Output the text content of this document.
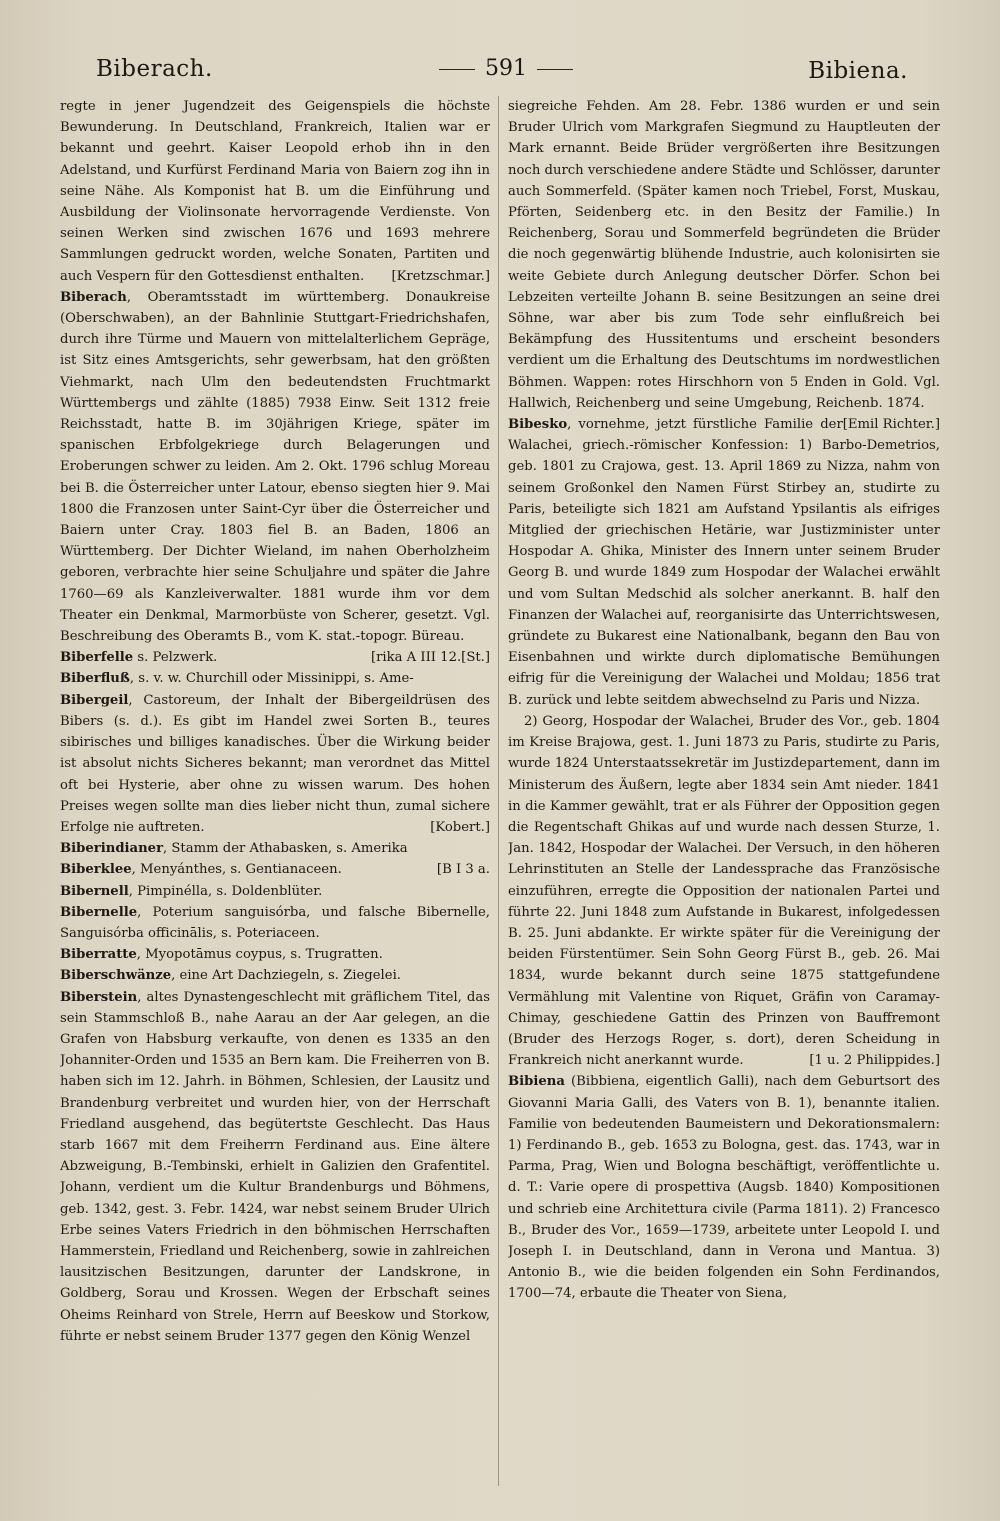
Biberach.	591	Bibiena.

regte in jener Jugendzeit des Geigenspiels die höchste Bewunderung. In Deutschland, Frankreich, Italien war er bekannt und geehrt. Kaiser Leopold erhob ihn in den Adelstand, und Kurfürst Ferdinand Maria von Baiern zog ihn in seine Nähe. Als Komponist hat B. um die Einführung und Ausbildung der Violinsonate hervorragende Verdienste. Von seinen Werken sind zwischen 1676 und 1693 mehrere Sammlungen gedruckt worden, welche Sonaten, Partiten und auch Vespern für den Gottesdienst enthalten. [Kretzschmar.]

Biberach, Oberamtsstadt im württemberg. Donaukreise (Oberschwaben), an der Bahnlinie Stuttgart-Friedrichshafen, durch ihre Türme und Mauern von mittelalterlichem Gepräge, ist Sitz eines Amtsgerichts, sehr gewerbsam, hat den größten Viehmarkt, nach Ulm den bedeutendsten Fruchtmarkt Württembergs und zählte (1885) 7938 Einw. Seit 1312 freie Reichsstadt, hatte B. im 30jährigen Kriege, später im spanischen Erbfolgekriege durch Belagerungen und Eroberungen schwer zu leiden. Am 2. Okt. 1796 schlug Moreau bei B. die Österreicher unter Latour, ebenso siegten hier 9. Mai 1800 die Franzosen unter Saint-Cyr über die Österreicher und Baiern unter Cray. 1803 fiel B. an Baden, 1806 an Württemberg. Der Dichter Wieland, im nahen Oberholzheim geboren, verbrachte hier seine Schuljahre und später die Jahre 1760—69 als Kanzleiverwalter. 1881 wurde ihm vor dem Theater ein Denkmal, Marmorbüste von Scherer, gesetzt. Vgl. Beschreibung des Oberamts B., vom K. stat.-topogr. Büreau.
[St.]

Biberfelle s. Pelzwerk.	[rika A III 12.

Biberfluß, s. v. w. Churchill oder Missinippi, s. Ame-

Bibergeil, Castoreum, der Inhalt der Bibergeildrüsen des Bibers (s. d.). Es gibt im Handel zwei Sorten B., teures sibirisches und billiges kanadisches. Über die Wirkung beider ist absolut nichts Sicheres bekannt; man verordnet das Mittel oft bei Hysterie, aber ohne zu wissen warum. Des hohen Preises wegen sollte man dies lieber nicht thun, zumal sichere Erfolge nie auftreten.	[Kobert.]

Biberindianer, Stamm der Athabasken, s. Amerika

Biberklee, Menyánthes, s. Gentianaceen.	[B I 3 a.

Bibernell, Pimpinélla, s. Doldenblüter.

Bibernelle, Poterium sanguisórba, und falsche Bibernelle, Sanguisórba officinālis, s. Poteriaceen.

Biberratte, Myopotāmus coypus, s. Trugratten.

Biberschwänze, eine Art Dachziegeln, s. Ziegelei.

Biberstein, altes Dynastengeschlecht mit gräflichem Titel, das sein Stammschloß B., nahe Aarau an der Aar gelegen, an die Grafen von Habsburg verkaufte, von denen es 1335 an den Johanniter-Orden und 1535 an Bern kam. Die Freiherren von B. haben sich im 12. Jahrh. in Böhmen, Schlesien, der Lausitz und Brandenburg verbreitet und wurden hier, von der Herrschaft Friedland ausgehend, das begütertste Geschlecht. Das Haus starb 1667 mit dem Freiherrn Ferdinand aus. Eine ältere Abzweigung, B.-Tembinski, erhielt in Galizien den Grafentitel. Johann, verdient um die Kultur Brandenburgs und Böhmens, geb. 1342, gest. 3. Febr. 1424, war nebst seinem Bruder Ulrich Erbe seines Vaters Friedrich in den böhmischen Herrschaften Hammerstein, Friedland und Reichenberg, sowie in zahlreichen lausitzischen Besitzungen, darunter der Landskrone, in Goldberg, Sorau und Krossen. Wegen der Erbschaft seines Oheims Reinhard von Strele, Herrn auf Beeskow und Storkow, führte er nebst seinem Bruder 1377 gegen den König Wenzel

siegreiche Fehden. Am 28. Febr. 1386 wurden er und sein Bruder Ulrich vom Markgrafen Siegmund zu Hauptleuten der Mark ernannt. Beide Brüder vergrößerten ihre Besitzungen noch durch verschiedene andere Städte und Schlösser, darunter auch Sommerfeld. (Später kamen noch Triebel, Forst, Muskau, Pförten, Seidenberg etc. in den Besitz der Familie.) In Reichenberg, Sorau und Sommerfeld begründeten die Brüder die noch gegenwärtig blühende Industrie, auch kolonisirten sie weite Gebiete durch Anlegung deutscher Dörfer. Schon bei Lebzeiten verteilte Johann B. seine Besitzungen an seine drei Söhne, war aber bis zum Tode sehr einflußreich bei Bekämpfung des Hussitentums und erscheint besonders verdient um die Erhaltung des Deutschtums im nordwestlichen Böhmen. Wappen: rotes Hirschhorn von 5 Enden in Gold. Vgl. Hallwich, Reichenberg und seine Umgebung, Reichenb. 1874.
[Emil Richter.]

Bibesko, vornehme, jetzt fürstliche Familie der Walachei, griech.-römischer Konfession: 1) Barbo-Demetrios, geb. 1801 zu Crajowa, gest. 13. April 1869 zu Nizza, nahm von seinem Großonkel den Namen Fürst Stirbey an, studirte zu Paris, beteiligte sich 1821 am Aufstand Ypsilantis als eifriges Mitglied der griechischen Hetärie, war Justizminister unter Hospodar A. Ghika, Minister des Innern unter seinem Bruder Georg B. und wurde 1849 zum Hospodar der Walachei erwählt und vom Sultan Medschid als solcher anerkannt. B. half den Finanzen der Walachei auf, reorganisirte das Unterrichtswesen, gründete zu Bukarest eine Nationalbank, begann den Bau von Eisenbahnen und wirkte durch diplomatische Bemühungen eifrig für die Vereinigung der Walachei und Moldau; 1856 trat B. zurück und lebte seitdem abwechselnd zu Paris und Nizza.

2) Georg, Hospodar der Walachei, Bruder des Vor., geb. 1804 im Kreise Brajowa, gest. 1. Juni 1873 zu Paris, studirte zu Paris, wurde 1824 Unterstaatssekretär im Justizdepartement, dann im Ministerum des Äußern, legte aber 1834 sein Amt nieder. 1841 in die Kammer gewählt, trat er als Führer der Opposition gegen die Regentschaft Ghikas auf und wurde nach dessen Sturze, 1. Jan. 1842, Hospodar der Walachei. Der Versuch, in den höheren Lehrinstituten an Stelle der Landessprache das Französische einzuführen, erregte die Opposition der nationalen Partei und führte 22. Juni 1848 zum Aufstande in Bukarest, infolgedessen B. 25. Juni abdankte. Er wirkte später für die Vereinigung der beiden Fürstentümer. Sein Sohn Georg Fürst B., geb. 26. Mai 1834, wurde bekannt durch seine 1875 stattgefundene Vermählung mit Valentine von Riquet, Gräfin von Caramay-Chimay, geschiedene Gattin des Prinzen von Bauffremont (Bruder des Herzogs Roger, s. dort), deren Scheidung in Frankreich nicht anerkannt wurde.	[1 u. 2 Philippides.]

Bibiena (Bibbiena, eigentlich Galli), nach dem Geburtsort des Giovanni Maria Galli, des Vaters von B. 1), benannte italien. Familie von bedeutenden Baumeistern und Dekorationsmalern: 1) Ferdinando B., geb. 1653 zu Bologna, gest. das. 1743, war in Parma, Prag, Wien und Bologna beschäftigt, veröffentlichte u. d. T.: Varie opere di prospettiva (Augsb. 1840) Kompositionen und schrieb eine Architettura civile (Parma 1811). 2) Francesco B., Bruder des Vor., 1659—1739, arbeitete unter Leopold I. und Joseph I. in Deutschland, dann in Verona und Mantua. 3) Antonio B., wie die beiden folgenden ein Sohn Ferdinandos, 1700—74, erbaute die Theater von Siena,
